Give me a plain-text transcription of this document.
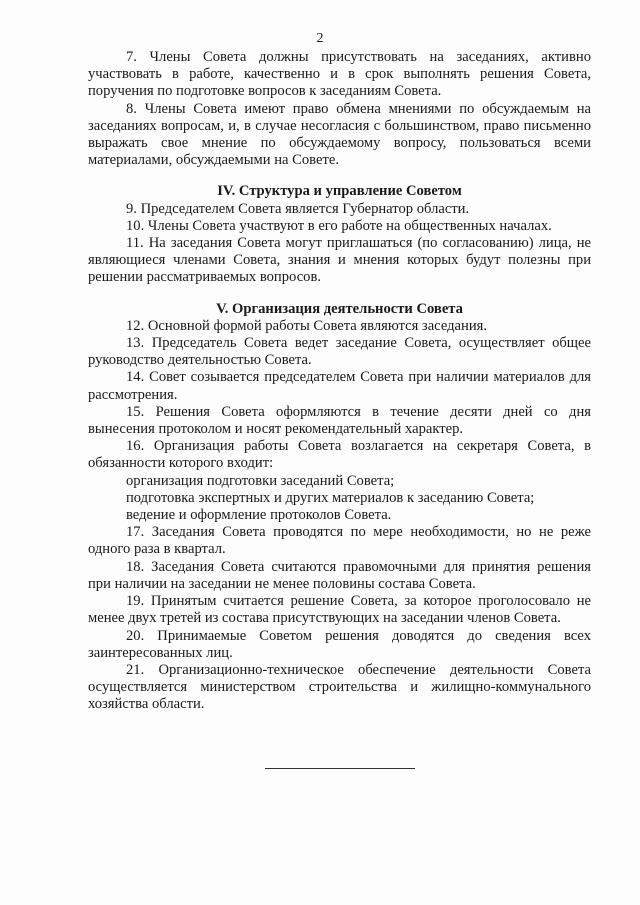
2

7. Члены Совета должны присутствовать на заседаниях, активно участвовать в работе, качественно и в срок выполнять решения Совета, поручения по подготовке вопросов к заседаниям Совета.

8. Члены Совета имеют право обмена мнениями по обсуждаемым на заседаниях вопросам, и, в случае несогласия с большинством, право письменно выражать свое мнение по обсуждаемому вопросу, пользоваться всеми материалами, обсуждаемыми на Совете.

IV. Структура и управление Советом

9. Председателем Совета является Губернатор области.

10. Члены Совета участвуют в его работе на общественных началах.

11. На заседания Совета могут приглашаться (по согласованию) лица, не являющиеся членами Совета, знания и мнения которых будут полезны при решении рассматриваемых вопросов.

V. Организация деятельности Совета

12. Основной формой работы Совета являются заседания.

13. Председатель Совета ведет заседание Совета, осуществляет общее руководство деятельностью Совета.

14. Совет созывается председателем Совета при наличии материалов для рассмотрения.

15. Решения Совета оформляются в течение десяти дней со дня вынесения протоколом и носят рекомендательный характер.

16. Организация работы Совета возлагается на секретаря Совета, в обязанности которого входит:

организация подготовки заседаний Совета;

подготовка экспертных и других материалов к заседанию Совета;

ведение и оформление протоколов Совета.

17. Заседания Совета проводятся по мере необходимости, но не реже одного раза в квартал.

18. Заседания Совета считаются правомочными для принятия решения при наличии на заседании не менее половины состава Совета.

19. Принятым считается решение Совета, за которое проголосовало не менее двух третей из состава присутствующих на заседании членов Совета.

20. Принимаемые Советом решения доводятся до сведения всех заинтересованных лиц.

21. Организационно-техническое обеспечение деятельности Совета осуществляется министерством строительства и жилищно-коммунального хозяйства области.
